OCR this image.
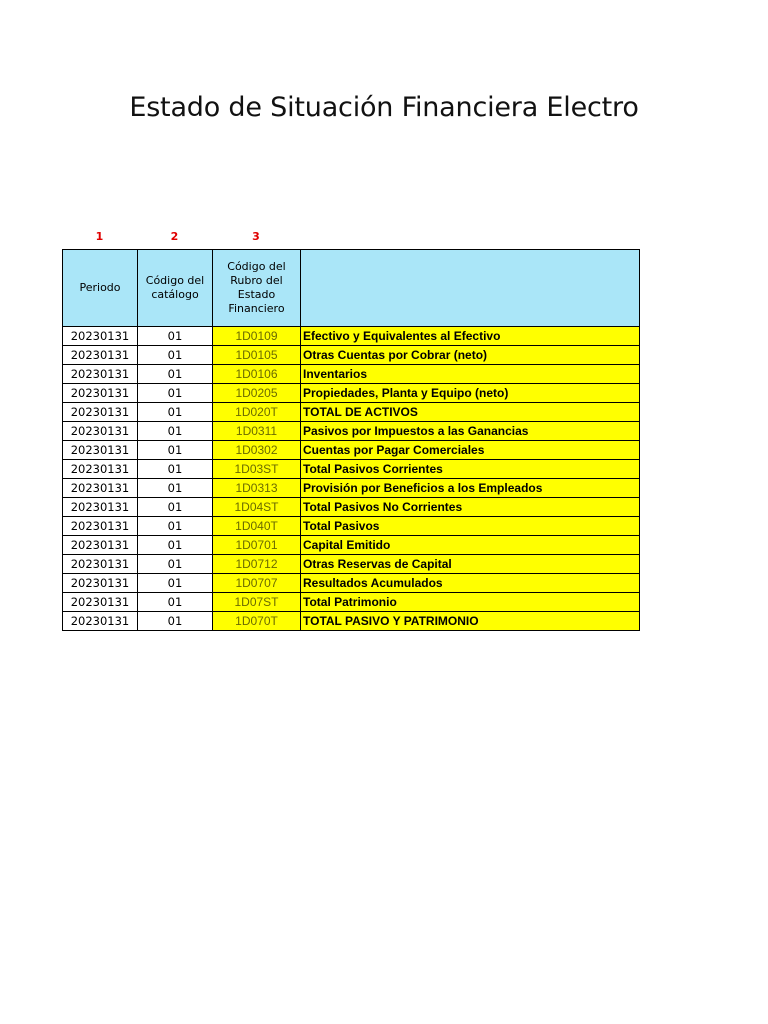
Estado de Situación Financiera Electro
1	2	3
Periodo	Código del catálogo	Código del Rubro del Estado Financiero	

20230131	01	1D0109	Efectivo y Equivalentes al Efectivo
20230131	01	1D0105	Otras Cuentas por Cobrar (neto)
20230131	01	1D0106	Inventarios
20230131	01	1D0205	Propiedades, Planta y Equipo (neto)
20230131	01	1D020T	TOTAL DE ACTIVOS
20230131	01	1D0311	Pasivos por Impuestos a las Ganancias
20230131	01	1D0302	Cuentas por Pagar Comerciales
20230131	01	1D03ST	Total Pasivos Corrientes
20230131	01	1D0313	Provisión por Beneficios a los Empleados
20230131	01	1D04ST	Total Pasivos No Corrientes
20230131	01	1D040T	Total Pasivos
20230131	01	1D0701	Capital Emitido
20230131	01	1D0712	Otras Reservas de Capital
20230131	01	1D0707	Resultados Acumulados
20230131	01	1D07ST	Total Patrimonio
20230131	01	1D070T	TOTAL PASIVO Y PATRIMONIO
